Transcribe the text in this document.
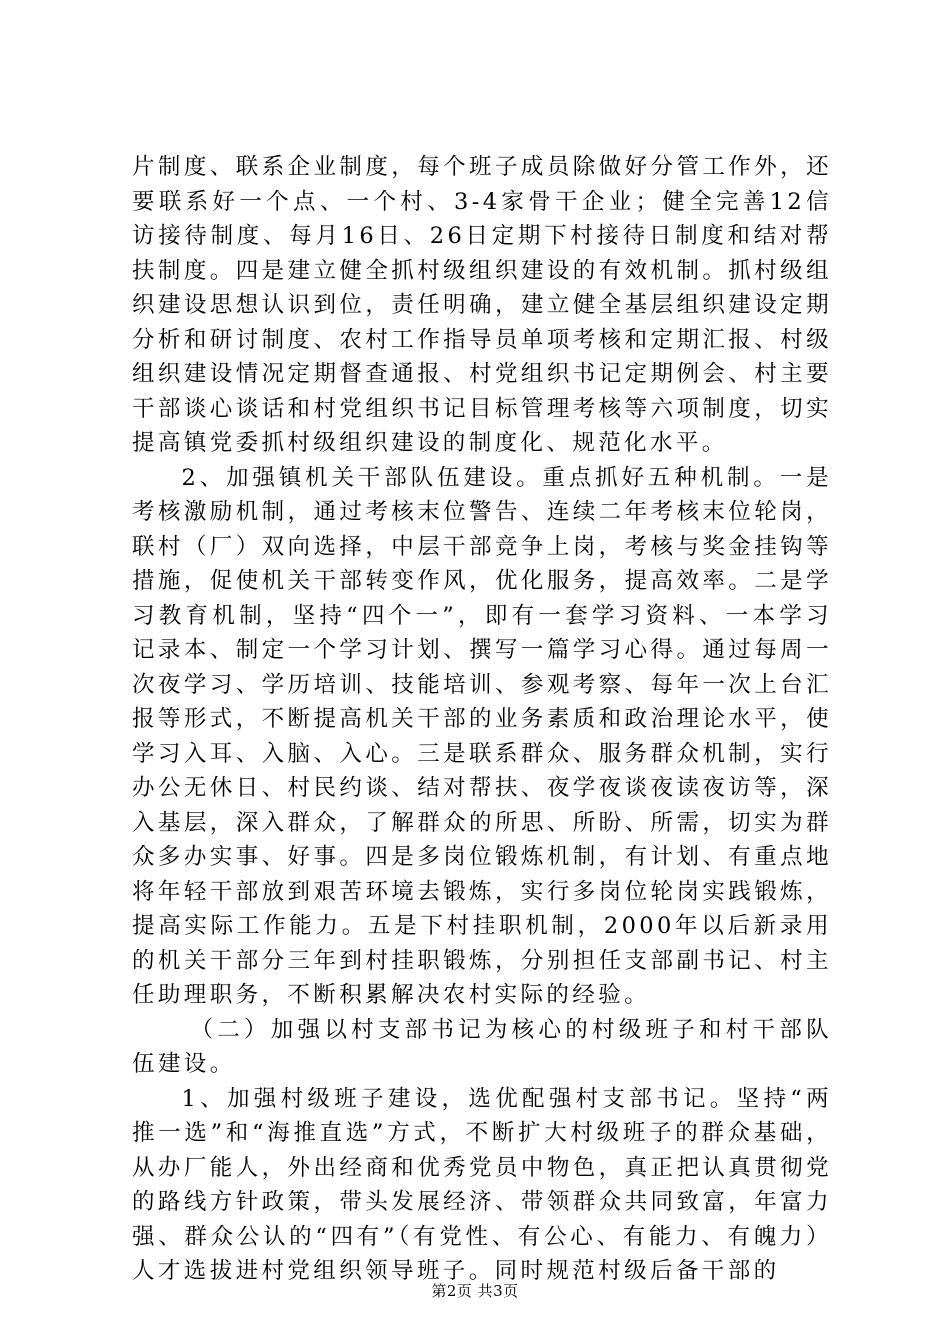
片制度、联系企业制度，每个班子成员除做好分管工作外，还要联系好一个点、一个村、3-4家骨干企业；健全完善12信访接待制度、每月16日、26日定期下村接待日制度和结对帮扶制度。四是建立健全抓村级组织建设的有效机制。抓村级组织建设思想认识到位，责任明确，建立健全基层组织建设定期分析和研讨制度、农村工作指导员单项考核和定期汇报、村级组织建设情况定期督查通报、村党组织书记定期例会、村主要干部谈心谈话和村党组织书记目标管理考核等六项制度，切实提高镇党委抓村级组织建设的制度化、规范化水平。

2、加强镇机关干部队伍建设。重点抓好五种机制。一是考核激励机制，通过考核末位警告、连续二年考核末位轮岗，联村（厂）双向选择，中层干部竞争上岗，考核与奖金挂钩等措施，促使机关干部转变作风，优化服务，提高效率。二是学习教育机制，坚持“四个一”，即有一套学习资料、一本学习记录本、制定一个学习计划、撰写一篇学习心得。通过每周一次夜学习、学历培训、技能培训、参观考察、每年一次上台汇报等形式，不断提高机关干部的业务素质和政治理论水平，使学习入耳、入脑、入心。三是联系群众、服务群众机制，实行办公无休日、村民约谈、结对帮扶、夜学夜谈夜读夜访等，深入基层，深入群众，了解群众的所思、所盼、所需，切实为群众多办实事、好事。四是多岗位锻炼机制，有计划、有重点地将年轻干部放到艰苦环境去锻炼，实行多岗位轮岗实践锻炼，提高实际工作能力。五是下村挂职机制，2000年以后新录用的机关干部分三年到村挂职锻炼，分别担任支部副书记、村主任助理职务，不断积累解决农村实际的经验。

（二）加强以村支部书记为核心的村级班子和村干部队伍建设。

1、加强村级班子建设，选优配强村支部书记。坚持“两推一选”和“海推直选”方式，不断扩大村级班子的群众基础，从办厂能人，外出经商和优秀党员中物色，真正把认真贯彻党的路线方针政策，带头发展经济、带领群众共同致富，年富力强、群众公认的“四有”（有党性、有公心、有能力、有魄力）人才选拔进村党组织领导班子。同时规范村级后备干部的

第2页 共3页
